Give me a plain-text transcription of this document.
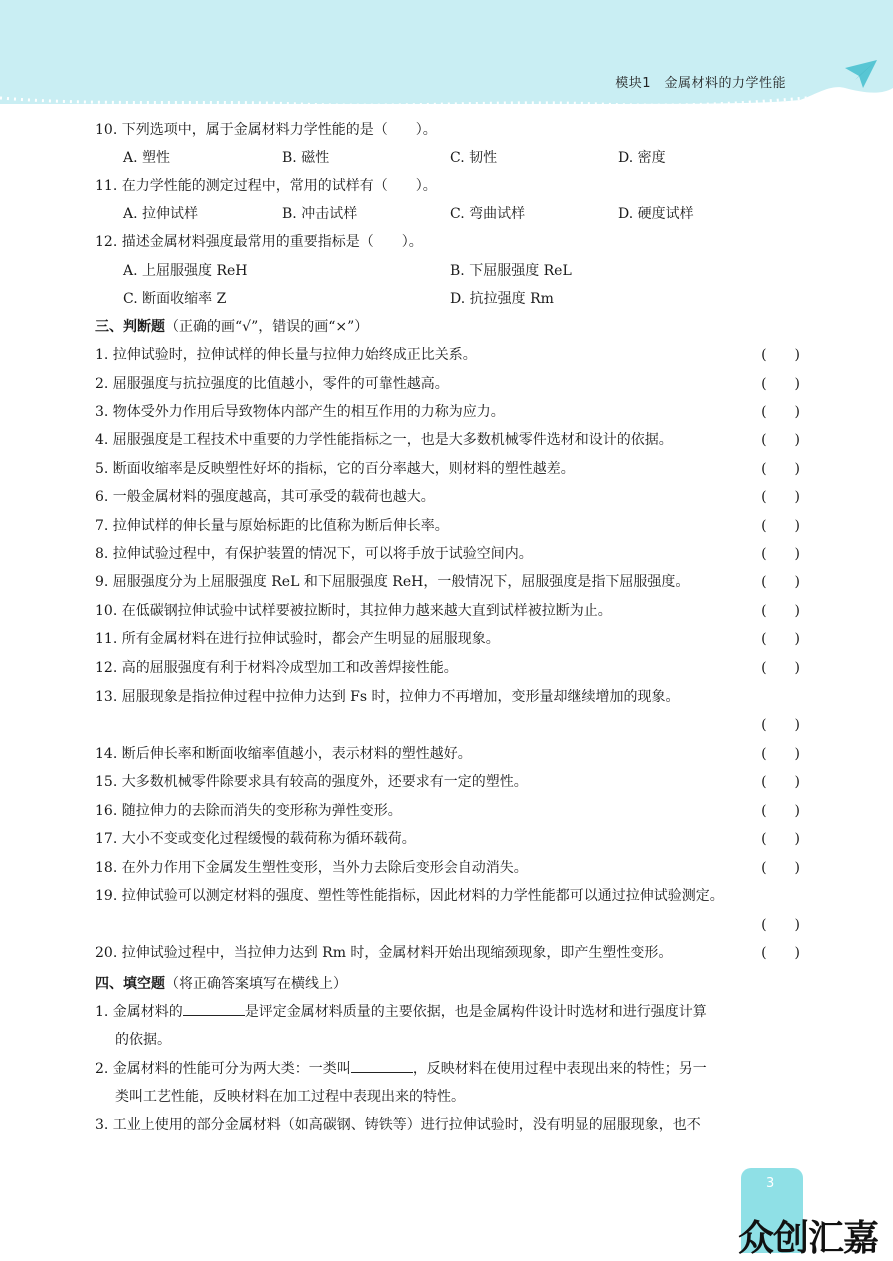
模块1　金属材料的力学性能
10. 下列选项中，属于金属材料力学性能的是（　　）。
A. 塑性	B. 磁性	C. 韧性	D. 密度
11. 在力学性能的测定过程中，常用的试样有（　　）。
A. 拉伸试样	B. 冲击试样	C. 弯曲试样	D. 硬度试样
12. 描述金属材料强度最常用的重要指标是（　　）。
A. 上屈服强度 ReH	B. 下屈服强度 ReL
C. 断面收缩率 Z	D. 抗拉强度 Rm
三、判断题（正确的画“√”，错误的画“×”）
1. 拉伸试验时，拉伸试样的伸长量与拉伸力始终成正比关系。	(　　)
2. 屈服强度与抗拉强度的比值越小，零件的可靠性越高。	(　　)
3. 物体受外力作用后导致物体内部产生的相互作用的力称为应力。	(　　)
4. 屈服强度是工程技术中重要的力学性能指标之一，也是大多数机械零件选材和设计的依据。	(　　)
5. 断面收缩率是反映塑性好坏的指标，它的百分率越大，则材料的塑性越差。	(　　)
6. 一般金属材料的强度越高，其可承受的载荷也越大。	(　　)
7. 拉伸试样的伸长量与原始标距的比值称为断后伸长率。	(　　)
8. 拉伸试验过程中，有保护装置的情况下，可以将手放于试验空间内。	(　　)
9. 屈服强度分为上屈服强度 ReL 和下屈服强度 ReH，一般情况下，屈服强度是指下屈服强度。	(　　)
10. 在低碳钢拉伸试验中试样要被拉断时，其拉伸力越来越大直到试样被拉断为止。	(　　)
11. 所有金属材料在进行拉伸试验时，都会产生明显的屈服现象。	(　　)
12. 高的屈服强度有利于材料冷成型加工和改善焊接性能。	(　　)
13. 屈服现象是指拉伸过程中拉伸力达到 Fs 时，拉伸力不再增加，变形量却继续增加的现象。
(　　)
14. 断后伸长率和断面收缩率值越小，表示材料的塑性越好。	(　　)
15. 大多数机械零件除要求具有较高的强度外，还要求有一定的塑性。	(　　)
16. 随拉伸力的去除而消失的变形称为弹性变形。	(　　)
17. 大小不变或变化过程缓慢的载荷称为循环载荷。	(　　)
18. 在外力作用下金属发生塑性变形，当外力去除后变形会自动消失。	(　　)
19. 拉伸试验可以测定材料的强度、塑性等性能指标，因此材料的力学性能都可以通过拉伸试验测定。
(　　)
20. 拉伸试验过程中，当拉伸力达到 Rm 时，金属材料开始出现缩颈现象，即产生塑性变形。	(　　)
四、填空题（将正确答案填写在横线上）
1. 金属材料的	是评定金属材料质量的主要依据，也是金属构件设计时选材和进行强度计算
的依据。
2. 金属材料的性能可分为两大类：一类叫	，反映材料在使用过程中表现出来的特性；另一
类叫工艺性能，反映材料在加工过程中表现出来的特性。
3. 工业上使用的部分金属材料（如高碳钢、铸铁等）进行拉伸试验时，没有明显的屈服现象，也不
3
众创汇嘉
